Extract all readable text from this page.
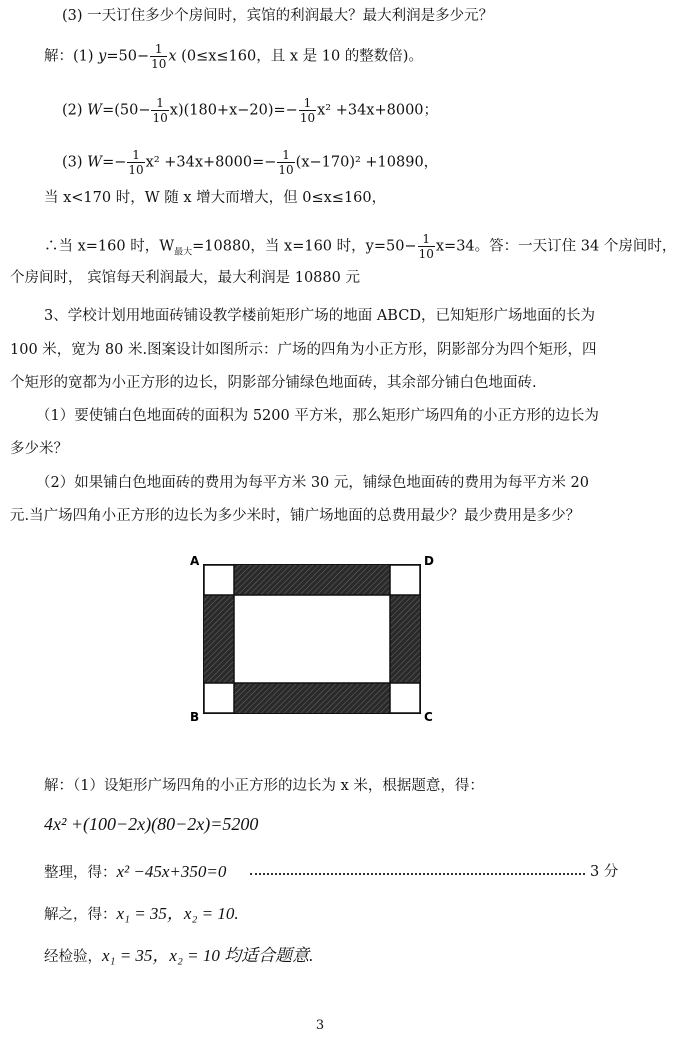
(3) 一天订住多少个房间时，宾馆的利润最大？最大利润是多少元？
解：(1) $y=50- \frac{1}{10}$ x (0≤x≤160，且 x 是 10 的整数倍)。
(2) $W=(50- \frac{1}{10} x)(180+x-20)=- \frac{1}{10} x^2 +34x+8000$；
(3) $W=- \frac{1}{10} x^2 +34x+8000=- \frac{1}{10} (x-170)^2 +10890$，
当 x<170 时，W 随 x 增大而增大，但 0≤x≤160，
∴当 x=160 时，$W_{最大}=10880$，当 x=160 时，$y=50- \frac{1}{10} x=34$。答：一天订住 34 个房间时，
个房间时， 宾馆每天利润最大，最大利润是 10880 元
3、学校计划用地面砖铺设教学楼前矩形广场的地面 ABCD，已知矩形广场地面的长为
100 米，宽为 80 米.图案设计如图所示：广场的四角为小正方形，阴影部分为四个矩形，四
个矩形的宽都为小正方形的边长，阴影部分铺绿色地面砖，其余部分铺白色地面砖.
（1）要使铺白色地面砖的面积为 5200 平方米，那么矩形广场四角的小正方形的边长为
多少米？
（2）如果铺白色地面砖的费用为每平方米 30 元，铺绿色地面砖的费用为每平方米 20
元.当广场四角小正方形的边长为多少米时，铺广场地面的总费用最少？最少费用是多少？
A	D
B	C
解：（1）设矩形广场四角的小正方形的边长为 x 米，根据题意，得：
4x² +(100−2x)(80−2x)=5200
整理，得：x² −45x+350=0	3 分
解之，得：x₁ = 35，x₂ = 10.
经检验，x₁ = 35，x₂ = 10 均适合题意.
3
